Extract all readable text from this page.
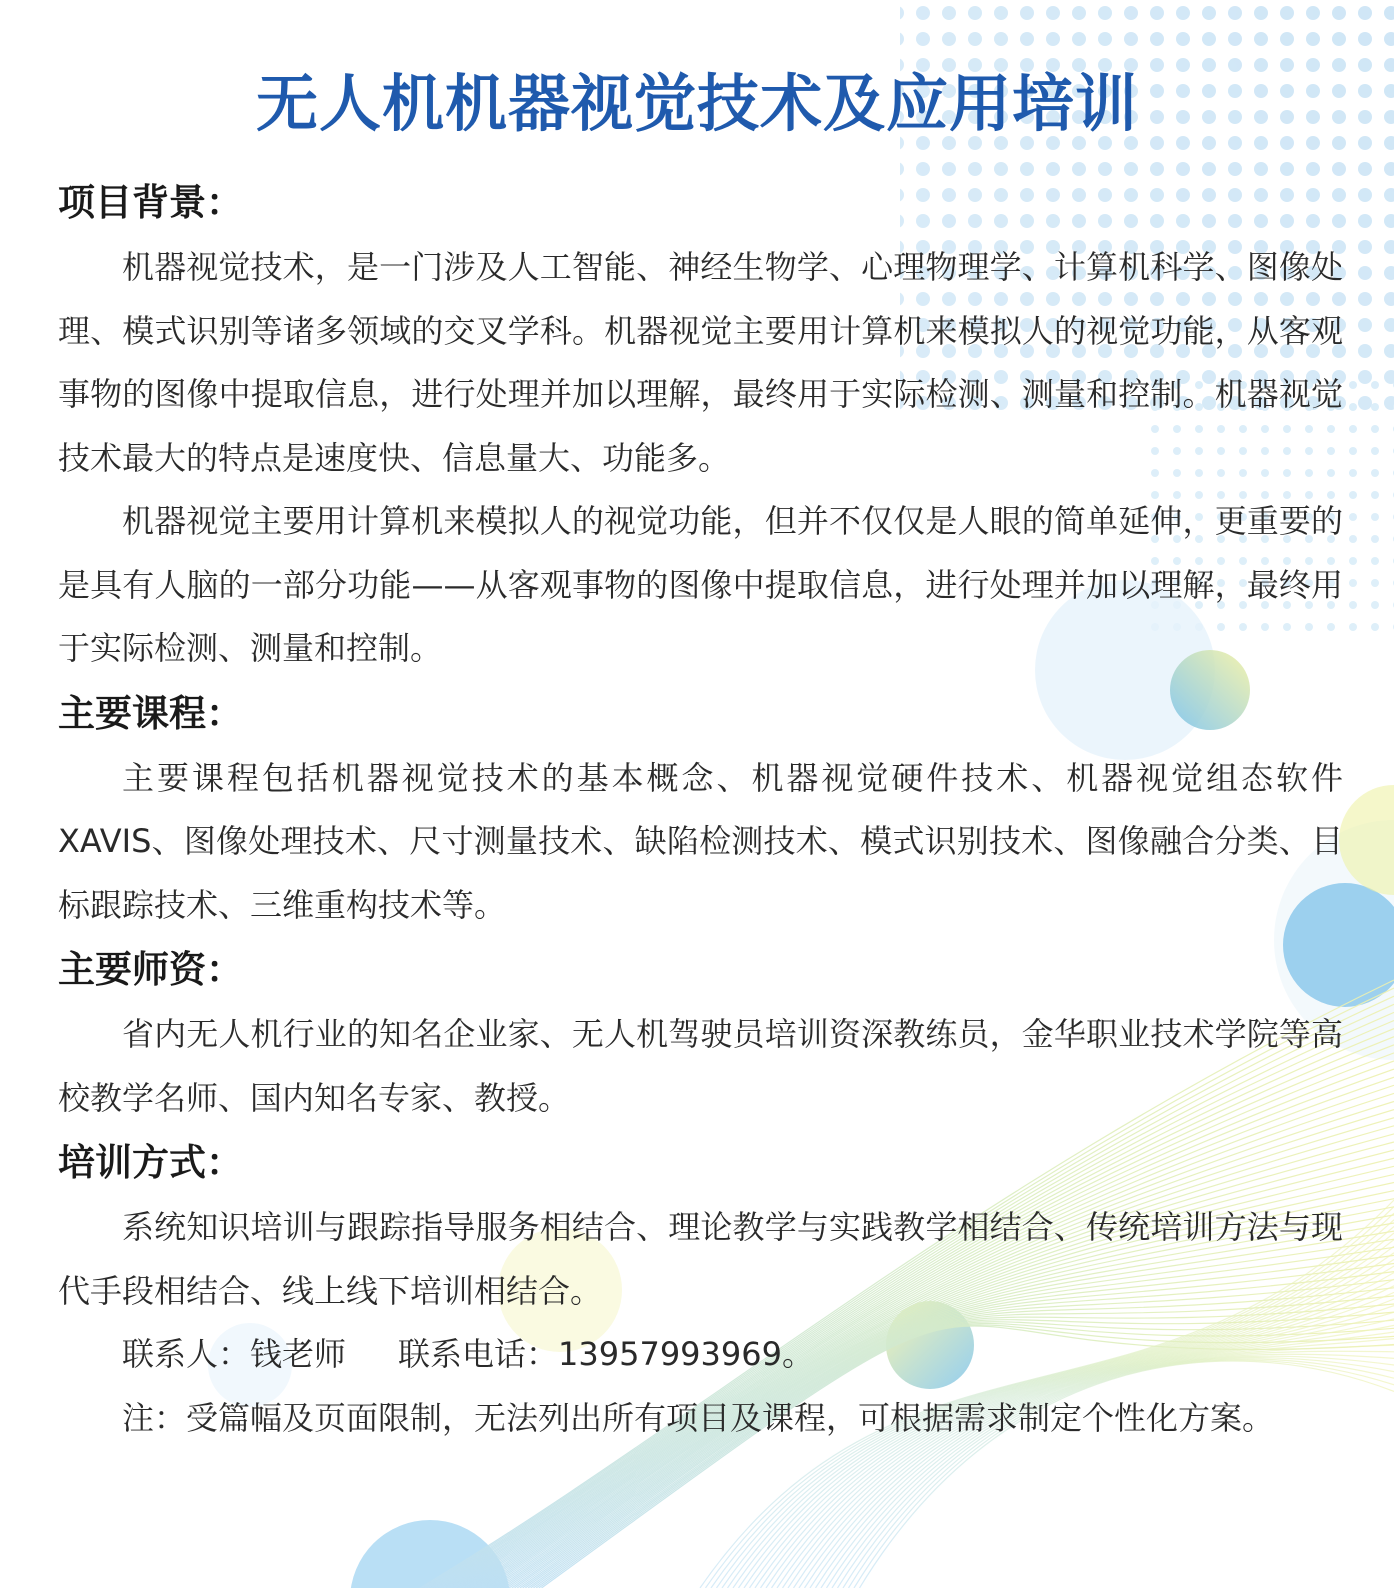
无人机机器视觉技术及应用培训
项目背景：

机器视觉技术，是一门涉及人工智能、神经生物学、心理物理学、计算机科学、图像处理、模式识别等诸多领域的交叉学科。机器视觉主要用计算机来模拟人的视觉功能，从客观事物的图像中提取信息，进行处理并加以理解，最终用于实际检测、测量和控制。机器视觉技术最大的特点是速度快、信息量大、功能多。

机器视觉主要用计算机来模拟人的视觉功能，但并不仅仅是人眼的简单延伸，更重要的是具有人脑的一部分功能——从客观事物的图像中提取信息，进行处理并加以理解，最终用于实际检测、测量和控制。

主要课程：

主要课程包括机器视觉技术的基本概念、机器视觉硬件技术、机器视觉组态软件 XAVIS、图像处理技术、尺寸测量技术、缺陷检测技术、模式识别技术、图像融合分类、目标跟踪技术、三维重构技术等。

主要师资：

省内无人机行业的知名企业家、无人机驾驶员培训资深教练员，金华职业技术学院等高校教学名师、国内知名专家、教授。

培训方式：

系统知识培训与跟踪指导服务相结合、理论教学与实践教学相结合、传统培训方法与现代手段相结合、线上线下培训相结合。

联系人：钱老师 联系电话：13957993969。

注：受篇幅及页面限制，无法列出所有项目及课程，可根据需求制定个性化方案。
